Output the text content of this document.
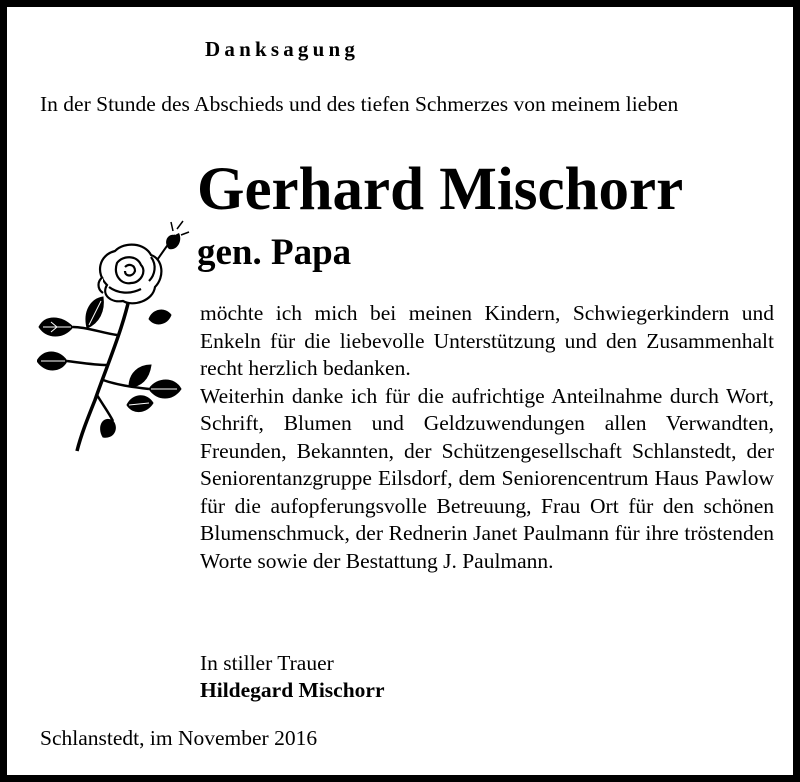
Danksagung

In der Stunde des Abschieds und des tiefen Schmerzes von meinem lieben

Gerhard Mischorr
gen. Papa

möchte ich mich bei meinen Kindern, Schwiegerkindern und Enkeln für die liebevolle Unterstützung und den Zusammenhalt recht herzlich bedanken.

Weiterhin danke ich für die aufrichtige Anteilnahme durch Wort, Schrift, Blumen und Geldzuwendungen allen Verwandten, Freunden, Bekannten, der Schützengesellschaft Schlanstedt, der Seniorentanzgruppe Eilsdorf, dem Seniorencentrum Haus Pawlow für die aufopferungsvolle Betreuung, Frau Ort für den schönen Blumenschmuck, der Rednerin Janet Paulmann für ihre tröstenden Worte sowie der Bestattung J. Paulmann.

In stiller Trauer

Hildegard Mischorr

Schlanstedt, im November 2016
